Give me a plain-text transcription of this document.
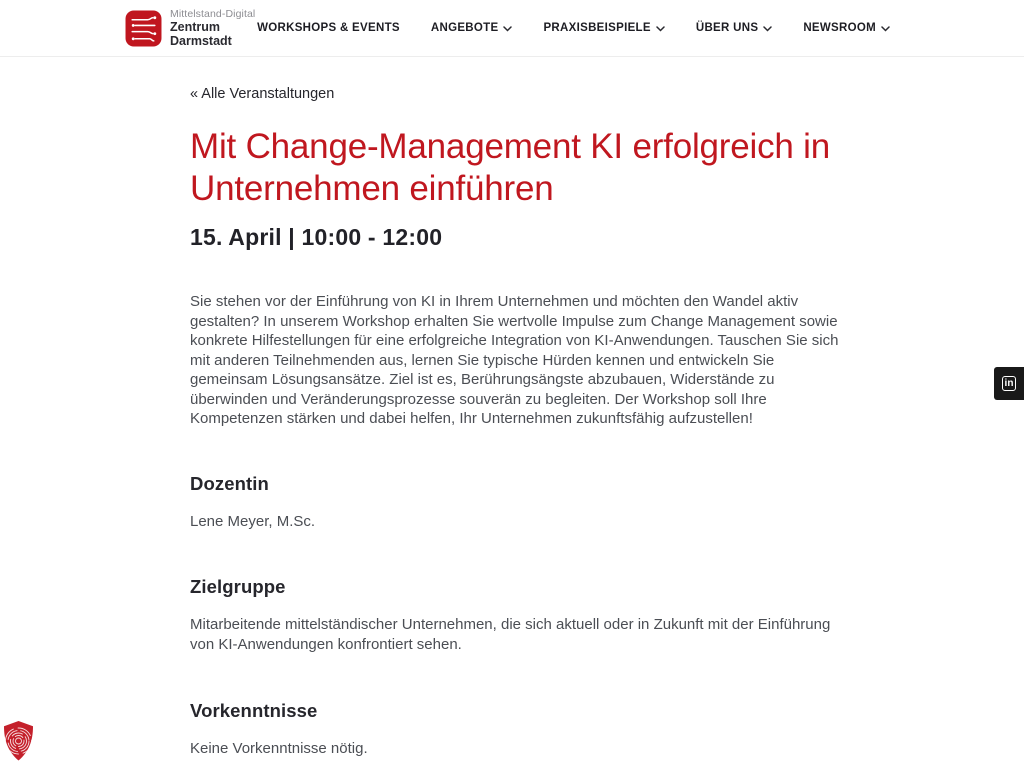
Mittelstand-Digital
Zentrum
Darmstadt
WORKSHOPS & EVENTS	ANGEBOTE	PRAXISBEISPIELE	ÜBER UNS	NEWSROOM
« Alle Veranstaltungen
Mit Change-Management KI erfolgreich in Unternehmen einführen
15. April | 10:00 - 12:00

Sie stehen vor der Einführung von KI in Ihrem Unternehmen und möchten den Wandel aktiv gestalten? In unserem Workshop erhalten Sie wertvolle Impulse zum Change Management sowie konkrete Hilfestellungen für eine erfolgreiche Integration von KI-Anwendungen. Tauschen Sie sich mit anderen Teilnehmenden aus, lernen Sie typische Hürden kennen und entwickeln Sie gemeinsam Lösungsansätze. Ziel ist es, Berührungsängste abzubauen, Widerstände zu überwinden und Veränderungsprozesse souverän zu begleiten. Der Workshop soll Ihre Kompetenzen stärken und dabei helfen, Ihr Unternehmen zukunftsfähig aufzustellen!

Dozentin

Lene Meyer, M.Sc.

Zielgruppe

Mitarbeitende mittelständischer Unternehmen, die sich aktuell oder in Zukunft mit der Einführung von KI-Anwendungen konfrontiert sehen.

Vorkenntnisse

Keine Vorkenntnisse nötig.

in
